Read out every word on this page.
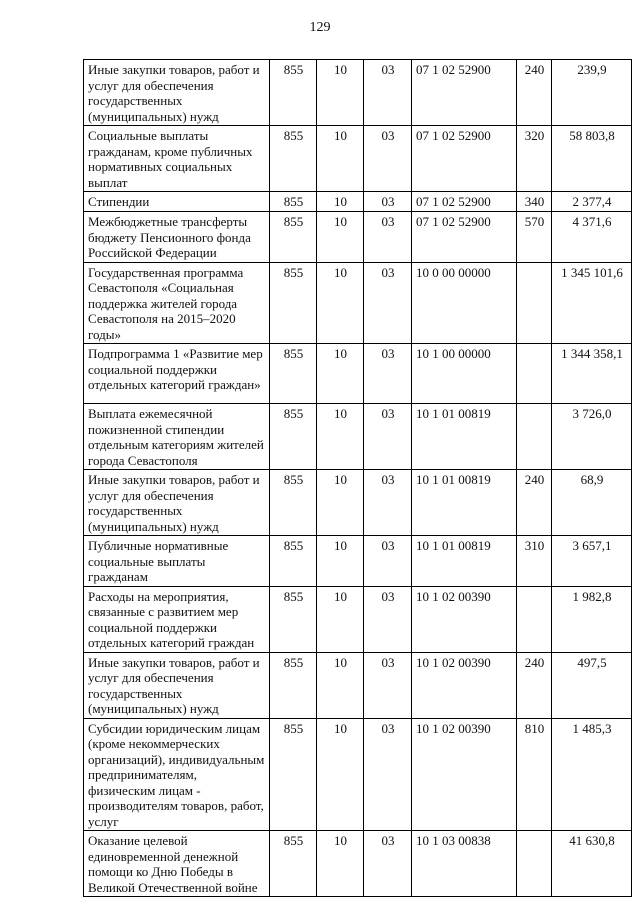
129
Иные закупки товаров, работ и услуг для обеспечения государственных (муниципальных) нужд	855	10	03	07 1 02 52900	240	239,9
Социальные выплаты гражданам, кроме публичных нормативных социальных выплат	855	10	03	07 1 02 52900	320	58 803,8
Стипендии	855	10	03	07 1 02 52900	340	2 377,4
Межбюджетные трансферты бюджету Пенсионного фонда Российской Федерации	855	10	03	07 1 02 52900	570	4 371,6
Государственная программа Севастополя «Социальная поддержка жителей города Севастополя на 2015–2020 годы»	855	10	03	10 0 00 00000		1 345 101,6
Подпрограмма 1 «Развитие мер социальной поддержки отдельных категорий граждан»	855	10	03	10 1 00 00000		1 344 358,1
Выплата ежемесячной пожизненной стипендии отдельным категориям жителей города Севастополя	855	10	03	10 1 01 00819		3 726,0
Иные закупки товаров, работ и услуг для обеспечения государственных (муниципальных) нужд	855	10	03	10 1 01 00819	240	68,9
Публичные нормативные социальные выплаты гражданам	855	10	03	10 1 01 00819	310	3 657,1
Расходы на мероприятия, связанные с развитием мер социальной поддержки отдельных категорий граждан	855	10	03	10 1 02 00390		1 982,8
Иные закупки товаров, работ и услуг для обеспечения государственных (муниципальных) нужд	855	10	03	10 1 02 00390	240	497,5
Субсидии юридическим лицам (кроме некоммерческих организаций), индивидуальным предпринимателям, физическим лицам - производителям товаров, работ, услуг	855	10	03	10 1 02 00390	810	1 485,3
Оказание целевой единовременной денежной помощи ко Дню Победы в Великой Отечественной войне	855	10	03	10 1 03 00838		41 630,8
